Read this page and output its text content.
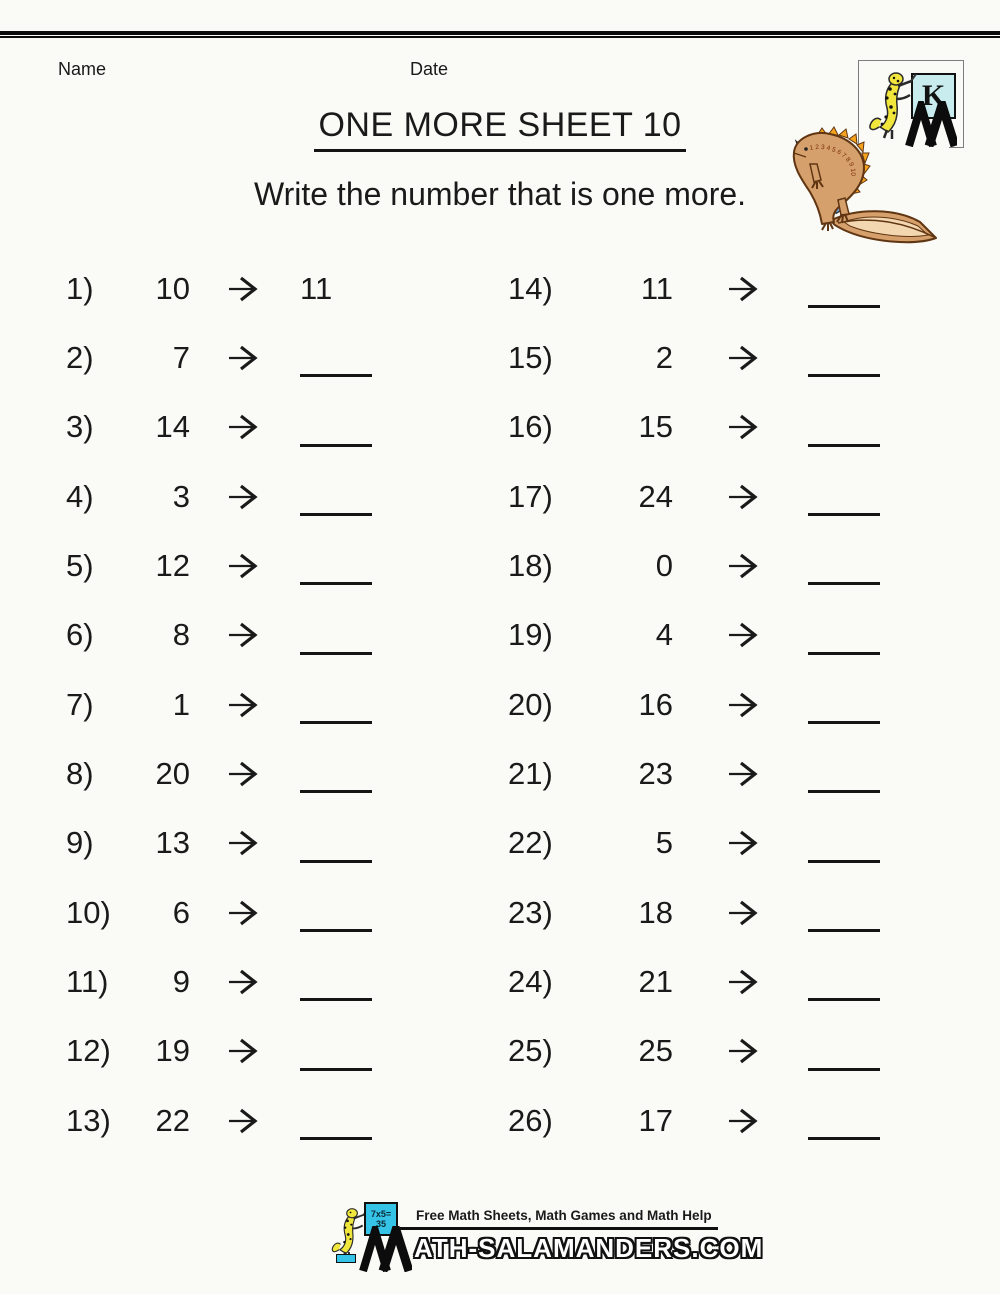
Name	Date
K
ONE MORE SHEET 10
Write the number that is one more.
1 2 3 4 5 6 7 8 9 10
1)	10	11
2)	7
3)	14
4)	3
5)	12
6)	8
7)	1
8)	20
9)	13
10)	6
11)	9
12)	19
13)	22
14)	11
15)	2
16)	15
17)	24
18)	0
19)	4
20)	16
21)	23
22)	5
23)	18
24)	21
25)	25
26)	17
7x5=
35
Free Math Sheets, Math Games and Math Help
ATH-SALAMANDERS.COM
